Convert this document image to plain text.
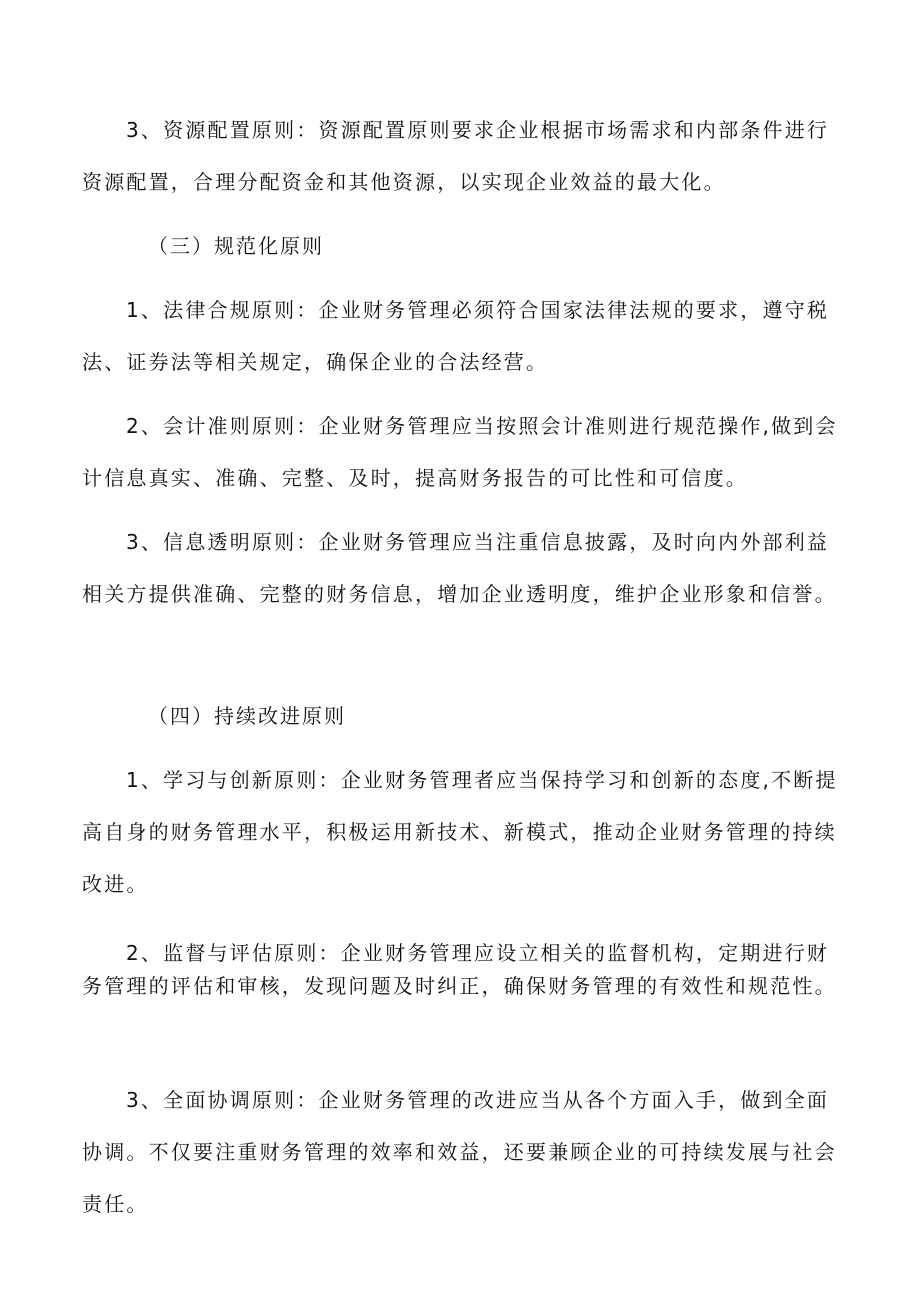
3、资源配置原则：资源配置原则要求企业根据市场需求和内部条件进行资源配置，合理分配资金和其他资源，以实现企业效益的最大化。

（三）规范化原则

1、法律合规原则：企业财务管理必须符合国家法律法规的要求，遵守税法、证券法等相关规定，确保企业的合法经营。

2、会计准则原则：企业财务管理应当按照会计准则进行规范操作,做到会计信息真实、准确、完整、及时，提高财务报告的可比性和可信度。

3、信息透明原则：企业财务管理应当注重信息披露，及时向内外部利益相关方提供准确、完整的财务信息，增加企业透明度，维护企业形象和信誉。

（四）持续改进原则

1、学习与创新原则：企业财务管理者应当保持学习和创新的态度,不断提高自身的财务管理水平，积极运用新技术、新模式，推动企业财务管理的持续改进。

2、监督与评估原则：企业财务管理应设立相关的监督机构，定期进行财务管理的评估和审核，发现问题及时纠正，确保财务管理的有效性和规范性。

3、全面协调原则：企业财务管理的改进应当从各个方面入手，做到全面协调。不仅要注重财务管理的效率和效益，还要兼顾企业的可持续发展与社会责任。
